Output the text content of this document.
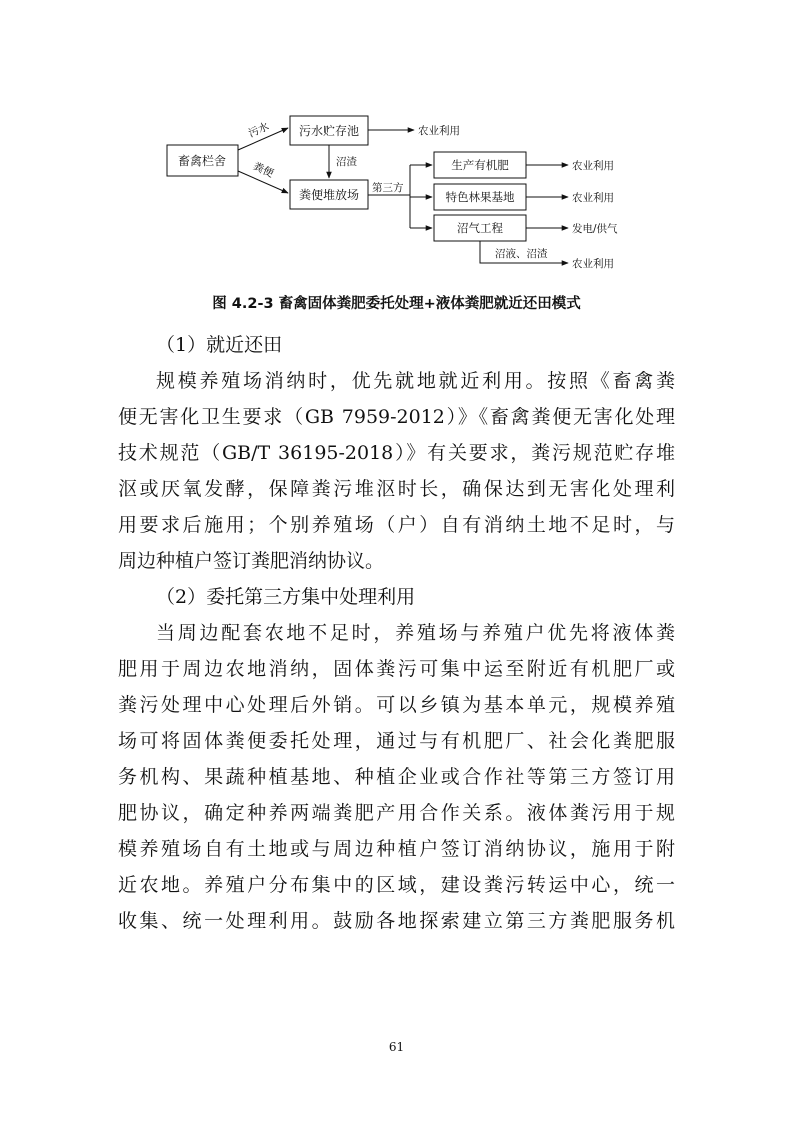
畜禽栏舍
污水贮存池
粪便堆放场
生产有机肥
特色林果基地
沼气工程
污水
粪便
农业利用
沼渣
第三方
农业利用
农业利用
发电/供气
沼液、沼渣
农业利用
图 4.2-3 畜禽固体粪肥委托处理+液体粪肥就近还田模式
（1）就近还田
规模养殖场消纳时，优先就地就近利用。按照《畜禽粪
便无害化卫生要求（GB 7959-2012）》《畜禽粪便无害化处理
技术规范（GB/T 36195-2018）》有关要求，粪污规范贮存堆
沤或厌氧发酵，保障粪污堆沤时长，确保达到无害化处理利
用要求后施用；个别养殖场（户）自有消纳土地不足时，与
周边种植户签订粪肥消纳协议。
（2）委托第三方集中处理利用
当周边配套农地不足时，养殖场与养殖户优先将液体粪
肥用于周边农地消纳，固体粪污可集中运至附近有机肥厂或
粪污处理中心处理后外销。可以乡镇为基本单元，规模养殖
场可将固体粪便委托处理，通过与有机肥厂、社会化粪肥服
务机构、果蔬种植基地、种植企业或合作社等第三方签订用
肥协议，确定种养两端粪肥产用合作关系。液体粪污用于规
模养殖场自有土地或与周边种植户签订消纳协议，施用于附
近农地。养殖户分布集中的区域，建设粪污转运中心，统一
收集、统一处理利用。鼓励各地探索建立第三方粪肥服务机
61
